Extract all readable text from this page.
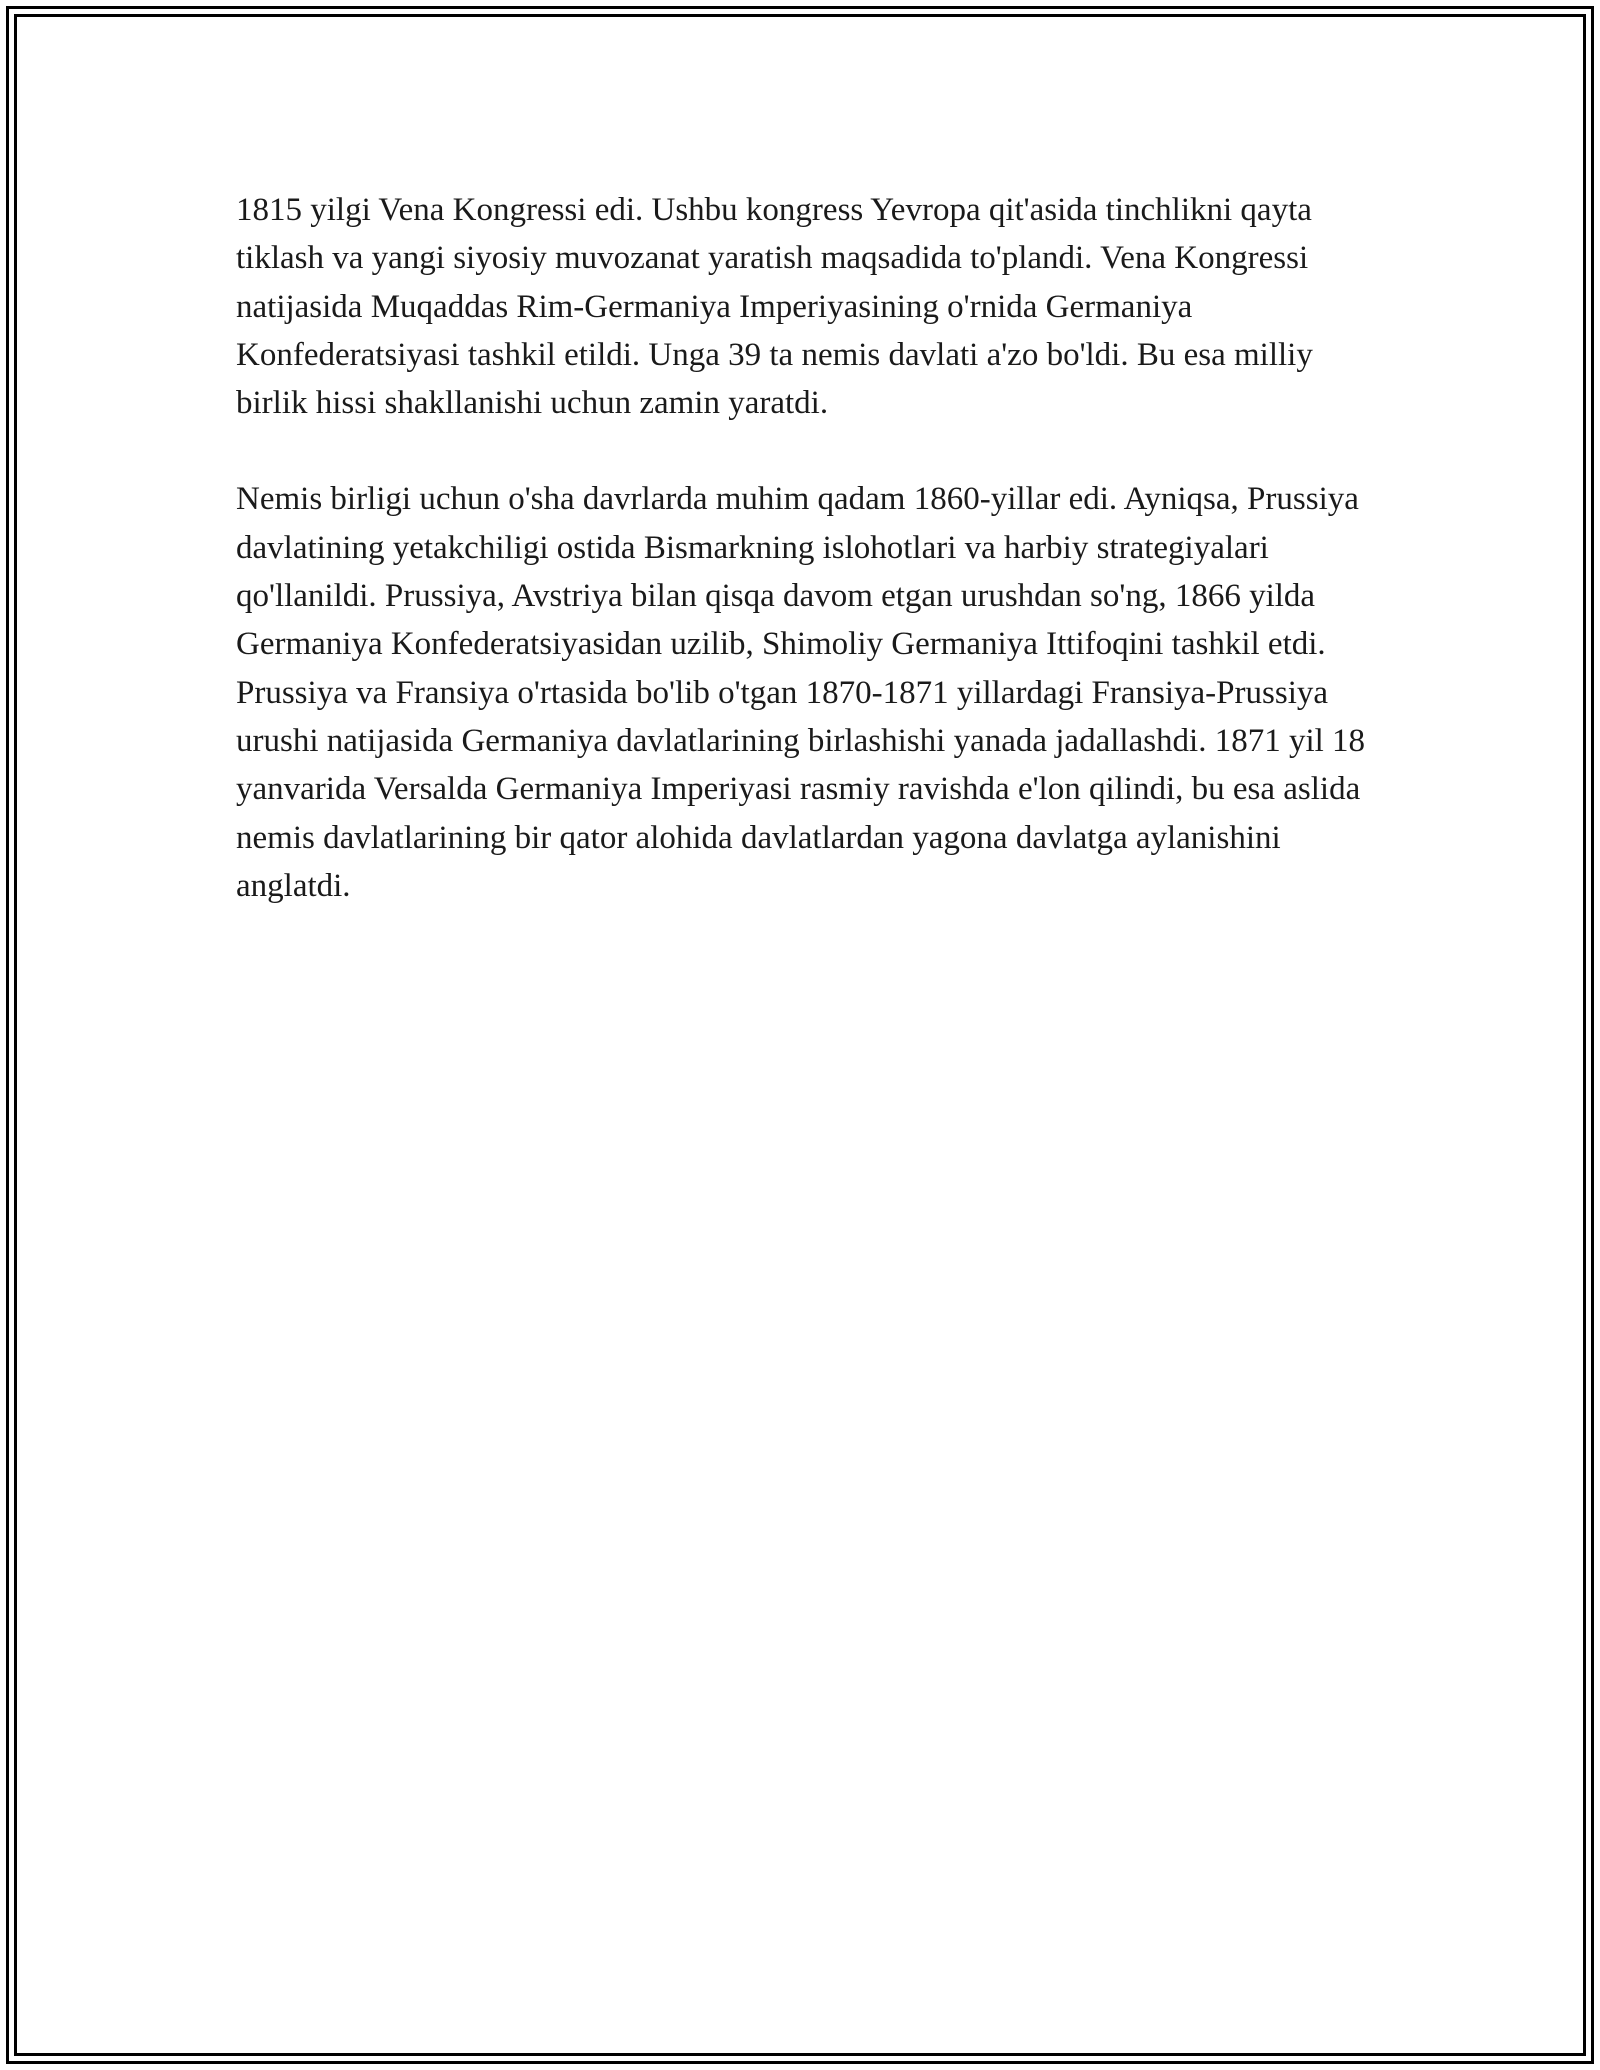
1815 yilgi Vena Kongressi edi. Ushbu kongress Yevropa qit'asida tinchlikni qayta tiklash va yangi siyosiy muvozanat yaratish maqsadida to'plandi. Vena Kongressi natijasida Muqaddas Rim-Germaniya Imperiyasining o'rnida Germaniya Konfederatsiyasi tashkil etildi. Unga 39 ta nemis davlati a'zo bo'ldi. Bu esa milliy birlik hissi shakllanishi uchun zamin yaratdi.

Nemis birligi uchun o'sha davrlarda muhim qadam 1860-yillar edi. Ayniqsa, Prussiya davlatining yetakchiligi ostida Bismarkning islohotlari va harbiy strategiyalari qo'llanildi. Prussiya, Avstriya bilan qisqa davom etgan urushdan so'ng, 1866 yilda Germaniya Konfederatsiyasidan uzilib, Shimoliy Germaniya Ittifoqini tashkil etdi. Prussiya va Fransiya o'rtasida bo'lib o'tgan 1870-1871 yillardagi Fransiya-Prussiya urushi natijasida Germaniya davlatlarining birlashishi yanada jadallashdi. 1871 yil 18 yanvarida Versalda Germaniya Imperiyasi rasmiy ravishda e'lon qilindi, bu esa aslida nemis davlatlarining bir qator alohida davlatlardan yagona davlatga aylanishini anglatdi.
